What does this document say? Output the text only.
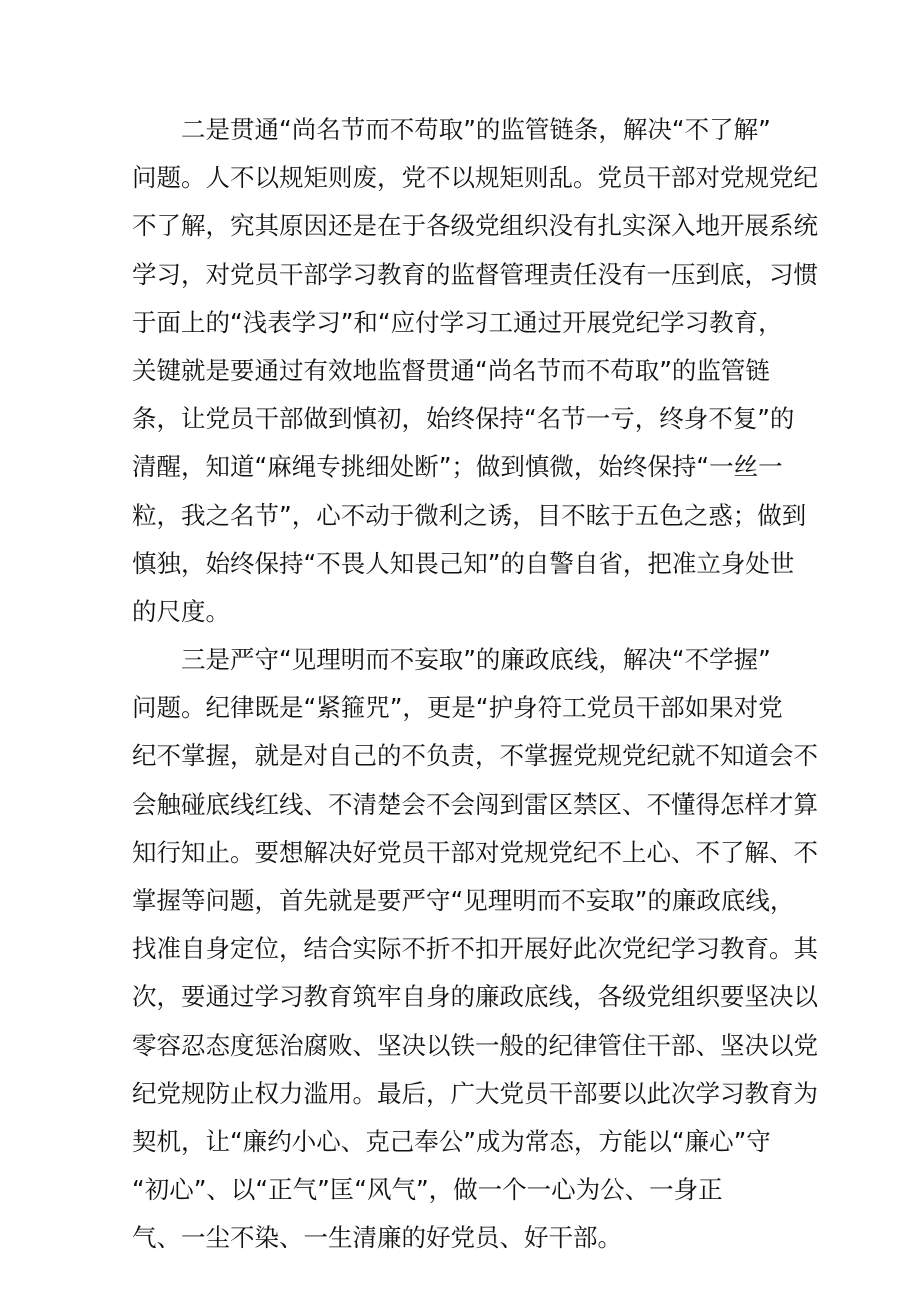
二是贯通“尚名节而不苟取”的监管链条，解决“不了解”
问题。人不以规矩则废，党不以规矩则乱。党员干部对党规党纪
不了解，究其原因还是在于各级党组织没有扎实深入地开展系统
学习，对党员干部学习教育的监督管理责任没有一压到底，习惯
于面上的“浅表学习”和“应付学习工通过开展党纪学习教育，
关键就是要通过有效地监督贯通“尚名节而不苟取”的监管链
条，让党员干部做到慎初，始终保持“名节一亏，终身不复”的
清醒，知道“麻绳专挑细处断”；做到慎微，始终保持“一丝一
粒，我之名节”，心不动于微利之诱，目不眩于五色之惑；做到
慎独，始终保持“不畏人知畏己知”的自警自省，把准立身处世
的尺度。
三是严守“见理明而不妄取”的廉政底线，解决“不学握”
问题。纪律既是“紧箍咒”，更是“护身符工党员干部如果对党
纪不掌握，就是对自己的不负责，不掌握党规党纪就不知道会不
会触碰底线红线、不清楚会不会闯到雷区禁区、不懂得怎样才算
知行知止。要想解决好党员干部对党规党纪不上心、不了解、不
掌握等问题，首先就是要严守“见理明而不妄取”的廉政底线，
找准自身定位，结合实际不折不扣开展好此次党纪学习教育。其
次，要通过学习教育筑牢自身的廉政底线，各级党组织要坚决以
零容忍态度惩治腐败、坚决以铁一般的纪律管住干部、坚决以党
纪党规防止权力滥用。最后，广大党员干部要以此次学习教育为
契机，让“廉约小心、克己奉公”成为常态，方能以“廉心”守
“初心”、以“正气”匡“风气”，做一个一心为公、一身正
气、一尘不染、一生清廉的好党员、好干部。
